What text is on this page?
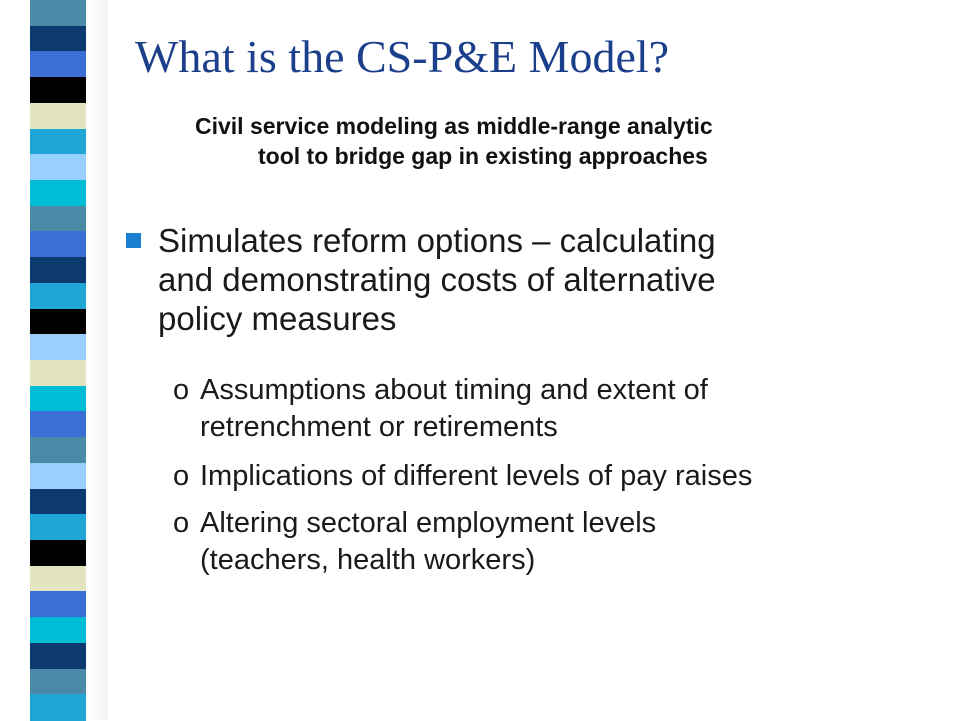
What is the CS-P&E Model?
Civil service modeling as middle-range analytic
tool to bridge gap in existing approaches
Simulates reform options – calculating
and demonstrating costs of alternative
policy measures
o Assumptions about timing and extent of
retrenchment or retirements
o Implications of different levels of pay raises
o Altering sectoral employment levels
(teachers, health workers)
